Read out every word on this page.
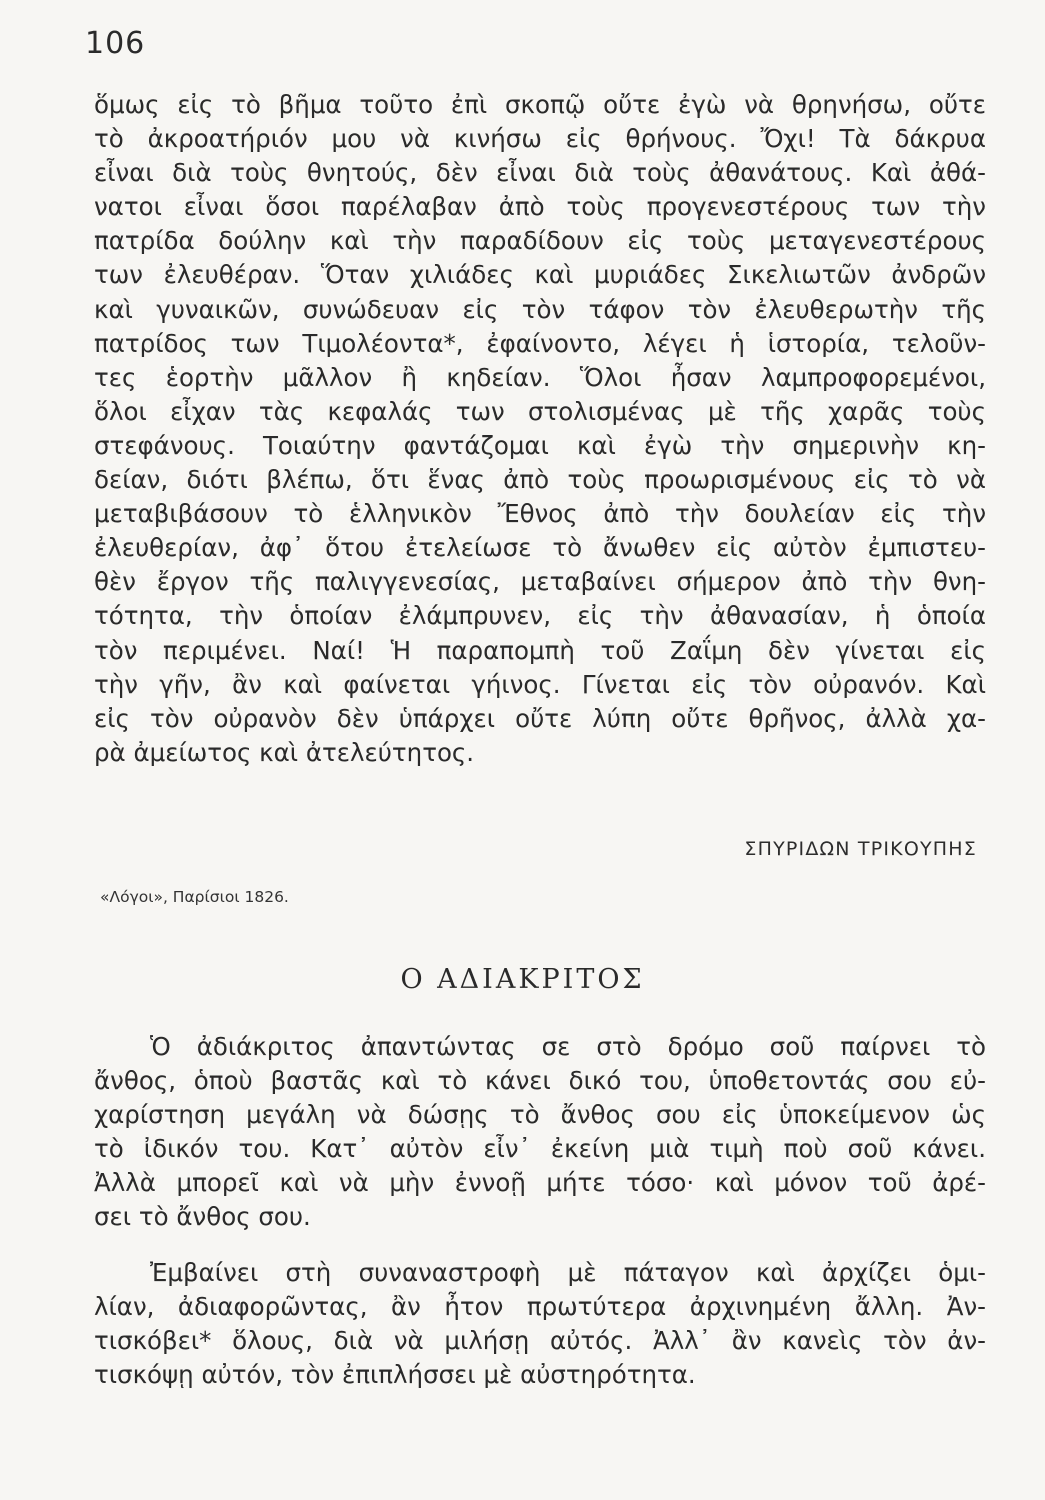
106
ὅμως εἰς τὸ βῆμα τοῦτο ἐπὶ σκοπῷ οὔτε ἐγὼ νὰ θρηνήσω, οὔτε
τὸ ἀκροατήριόν μου νὰ κινήσω εἰς θρήνους. Ὄχι! Τὰ δάκρυα
εἶναι διὰ τοὺς θνητούς, δὲν εἶναι διὰ τοὺς ἀθανάτους. Καὶ ἀθά-
νατοι εἶναι ὅσοι παρέλαβαν ἀπὸ τοὺς προγενεστέρους των τὴν
πατρίδα δούλην καὶ τὴν παραδίδουν εἰς τοὺς μεταγενεστέρους
των ἐλευθέραν. Ὅταν χιλιάδες καὶ μυριάδες Σικελιωτῶν ἀνδρῶν
καὶ γυναικῶν, συνώδευαν εἰς τὸν τάφον τὸν ἐλευθερωτὴν τῆς
πατρίδος των Τιμολέοντα*, ἐφαίνοντο, λέγει ἡ ἱστορία, τελοῦν-
τες ἑορτὴν μᾶλλον ἢ κηδείαν. Ὅλοι ἦσαν λαμπροφορεμένοι,
ὅλοι εἶχαν τὰς κεφαλάς των στολισμένας μὲ τῆς χαρᾶς τοὺς
στεφάνους. Τοιαύτην φαντάζομαι καὶ ἐγὼ τὴν σημερινὴν κη-
δείαν, διότι βλέπω, ὅτι ἕνας ἀπὸ τοὺς προωρισμένους εἰς τὸ νὰ
μεταβιβάσουν τὸ ἑλληνικὸν Ἔθνος ἀπὸ τὴν δουλείαν εἰς τὴν
ἐλευθερίαν, ἀφ᾽ ὅτου ἐτελείωσε τὸ ἄνωθεν εἰς αὐτὸν ἐμπιστευ-
θὲν ἔργον τῆς παλιγγενεσίας, μεταβαίνει σήμερον ἀπὸ τὴν θνη-
τότητα, τὴν ὁποίαν ἐλάμπρυνεν, εἰς τὴν ἀθανασίαν, ἡ ὁποία
τὸν περιμένει. Ναί! Ἡ παραπομπὴ τοῦ Ζαΐμη δὲν γίνεται εἰς
τὴν γῆν, ἂν καὶ φαίνεται γήινος. Γίνεται εἰς τὸν οὐρανόν. Καὶ
εἰς τὸν οὐρανὸν δὲν ὑπάρχει οὔτε λύπη οὔτε θρῆνος, ἀλλὰ χα-
ρὰ ἀμείωτος καὶ ἀτελεύτητος.
ΣΠΥΡΙΔΩΝ ΤΡΙΚΟΥΠΗΣ
«Λόγοι», Παρίσιοι 1826.
Ο ΑΔΙΑΚΡΙΤΟΣ
Ὁ ἀδιάκριτος ἀπαντώντας σε στὸ δρόμο σοῦ παίρνει τὸ
ἄνθος, ὁποὺ βαστᾶς καὶ τὸ κάνει δικό του, ὑποθετοντάς σου εὐ-
χαρίστηση μεγάλη νὰ δώσῃς τὸ ἄνθος σου εἰς ὑποκείμενον ὡς
τὸ ἰδικόν του. Κατ᾽ αὐτὸν εἶν᾽ ἐκείνη μιὰ τιμὴ ποὺ σοῦ κάνει.
Ἀλλὰ μπορεῖ καὶ νὰ μὴν ἐννοῇ μήτε τόσο· καὶ μόνον τοῦ ἀρέ-
σει τὸ ἄνθος σου.
Ἐμβαίνει στὴ συναναστροφὴ μὲ πάταγον καὶ ἀρχίζει ὁμι-
λίαν, ἀδιαφορῶντας, ἂν ἦτον πρωτύτερα ἀρχινημένη ἄλλη. Ἀν-
τισκόβει* ὅλους, διὰ νὰ μιλήσῃ αὐτός. Ἀλλ᾽ ἂν κανεὶς τὸν ἀν-
τισκόψῃ αὐτόν, τὸν ἐπιπλήσσει μὲ αὐστηρότητα.
